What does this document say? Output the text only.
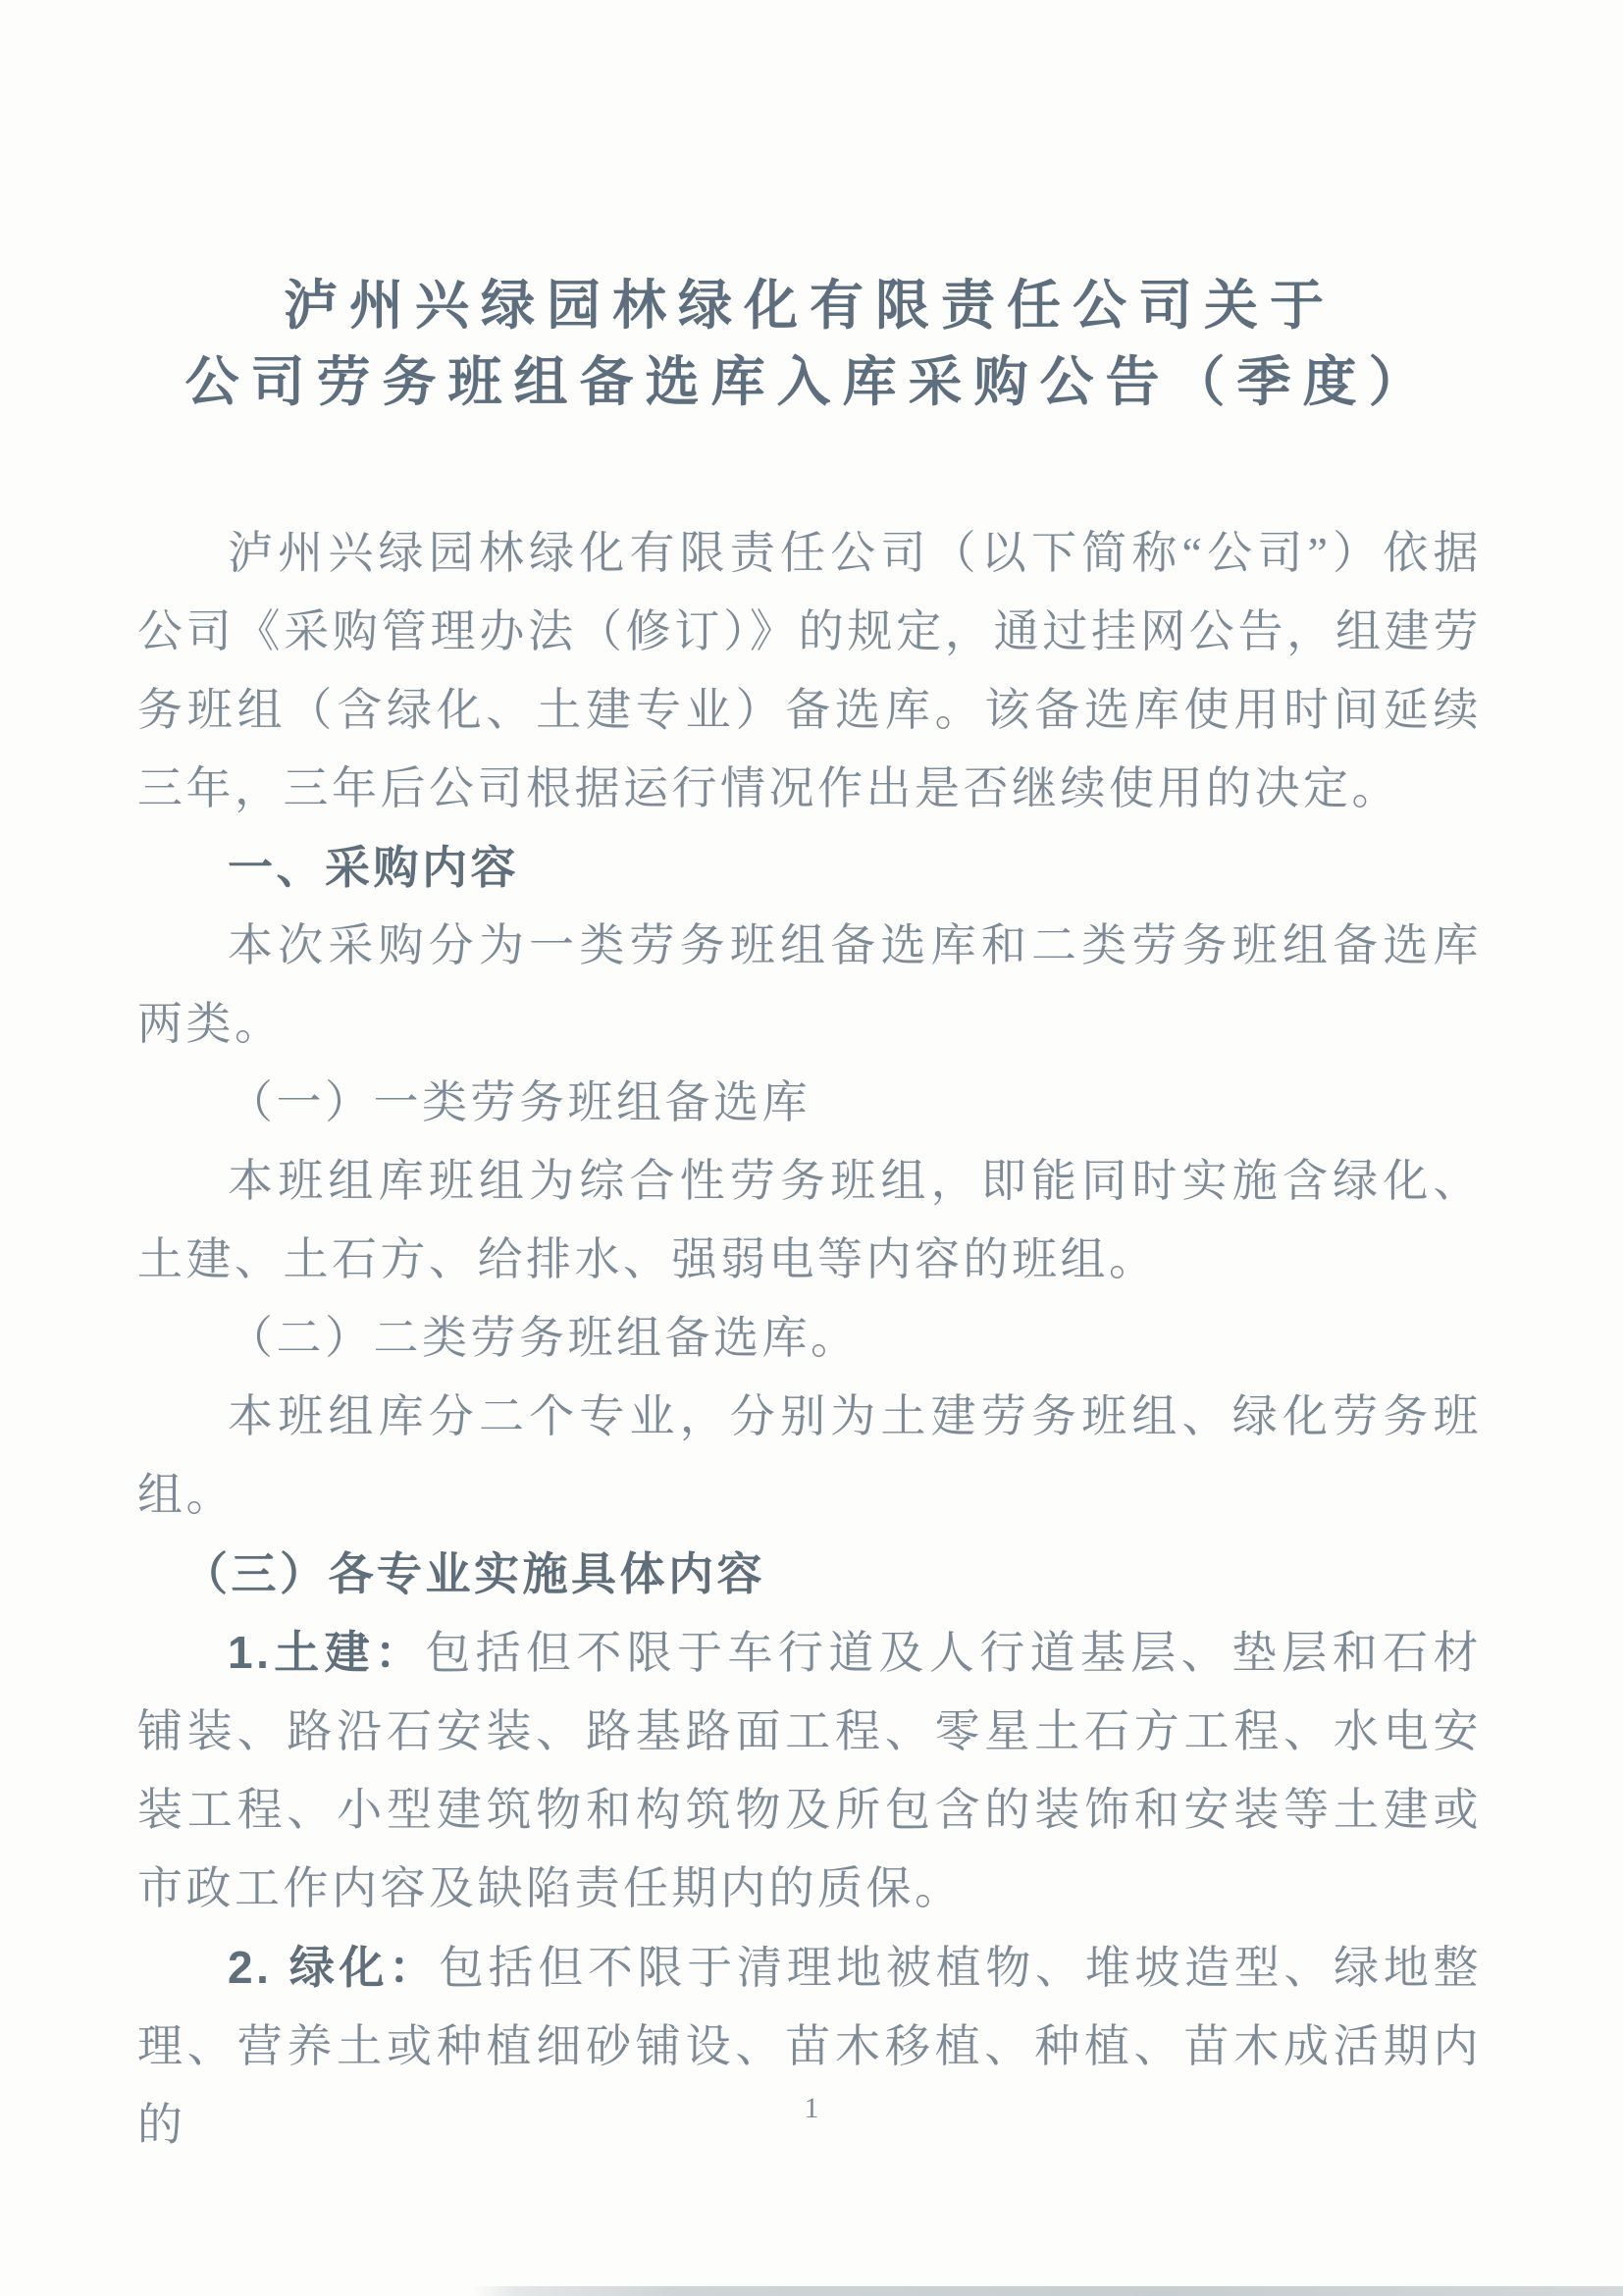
泸州兴绿园林绿化有限责任公司关于
公司劳务班组备选库入库采购公告（季度）

泸州兴绿园林绿化有限责任公司（以下简称“公司”）依据公司《采购管理办法（修订）》的规定，通过挂网公告，组建劳务班组（含绿化、土建专业）备选库。该备选库使用时间延续三年，三年后公司根据运行情况作出是否继续使用的决定。

一、采购内容

本次采购分为一类劳务班组备选库和二类劳务班组备选库两类。

（一）一类劳务班组备选库

本班组库班组为综合性劳务班组，即能同时实施含绿化、土建、土石方、给排水、强弱电等内容的班组。

（二）二类劳务班组备选库。

本班组库分二个专业，分别为土建劳务班组、绿化劳务班组。

（三）各专业实施具体内容

1.土建：包括但不限于车行道及人行道基层、垫层和石材铺装、路沿石安装、路基路面工程、零星土石方工程、水电安装工程、小型建筑物和构筑物及所包含的装饰和安装等土建或市政工作内容及缺陷责任期内的质保。

2. 绿化：包括但不限于清理地被植物、堆坡造型、绿地整理、营养土或种植细砂铺设、苗木移植、种植、苗木成活期内的	1
